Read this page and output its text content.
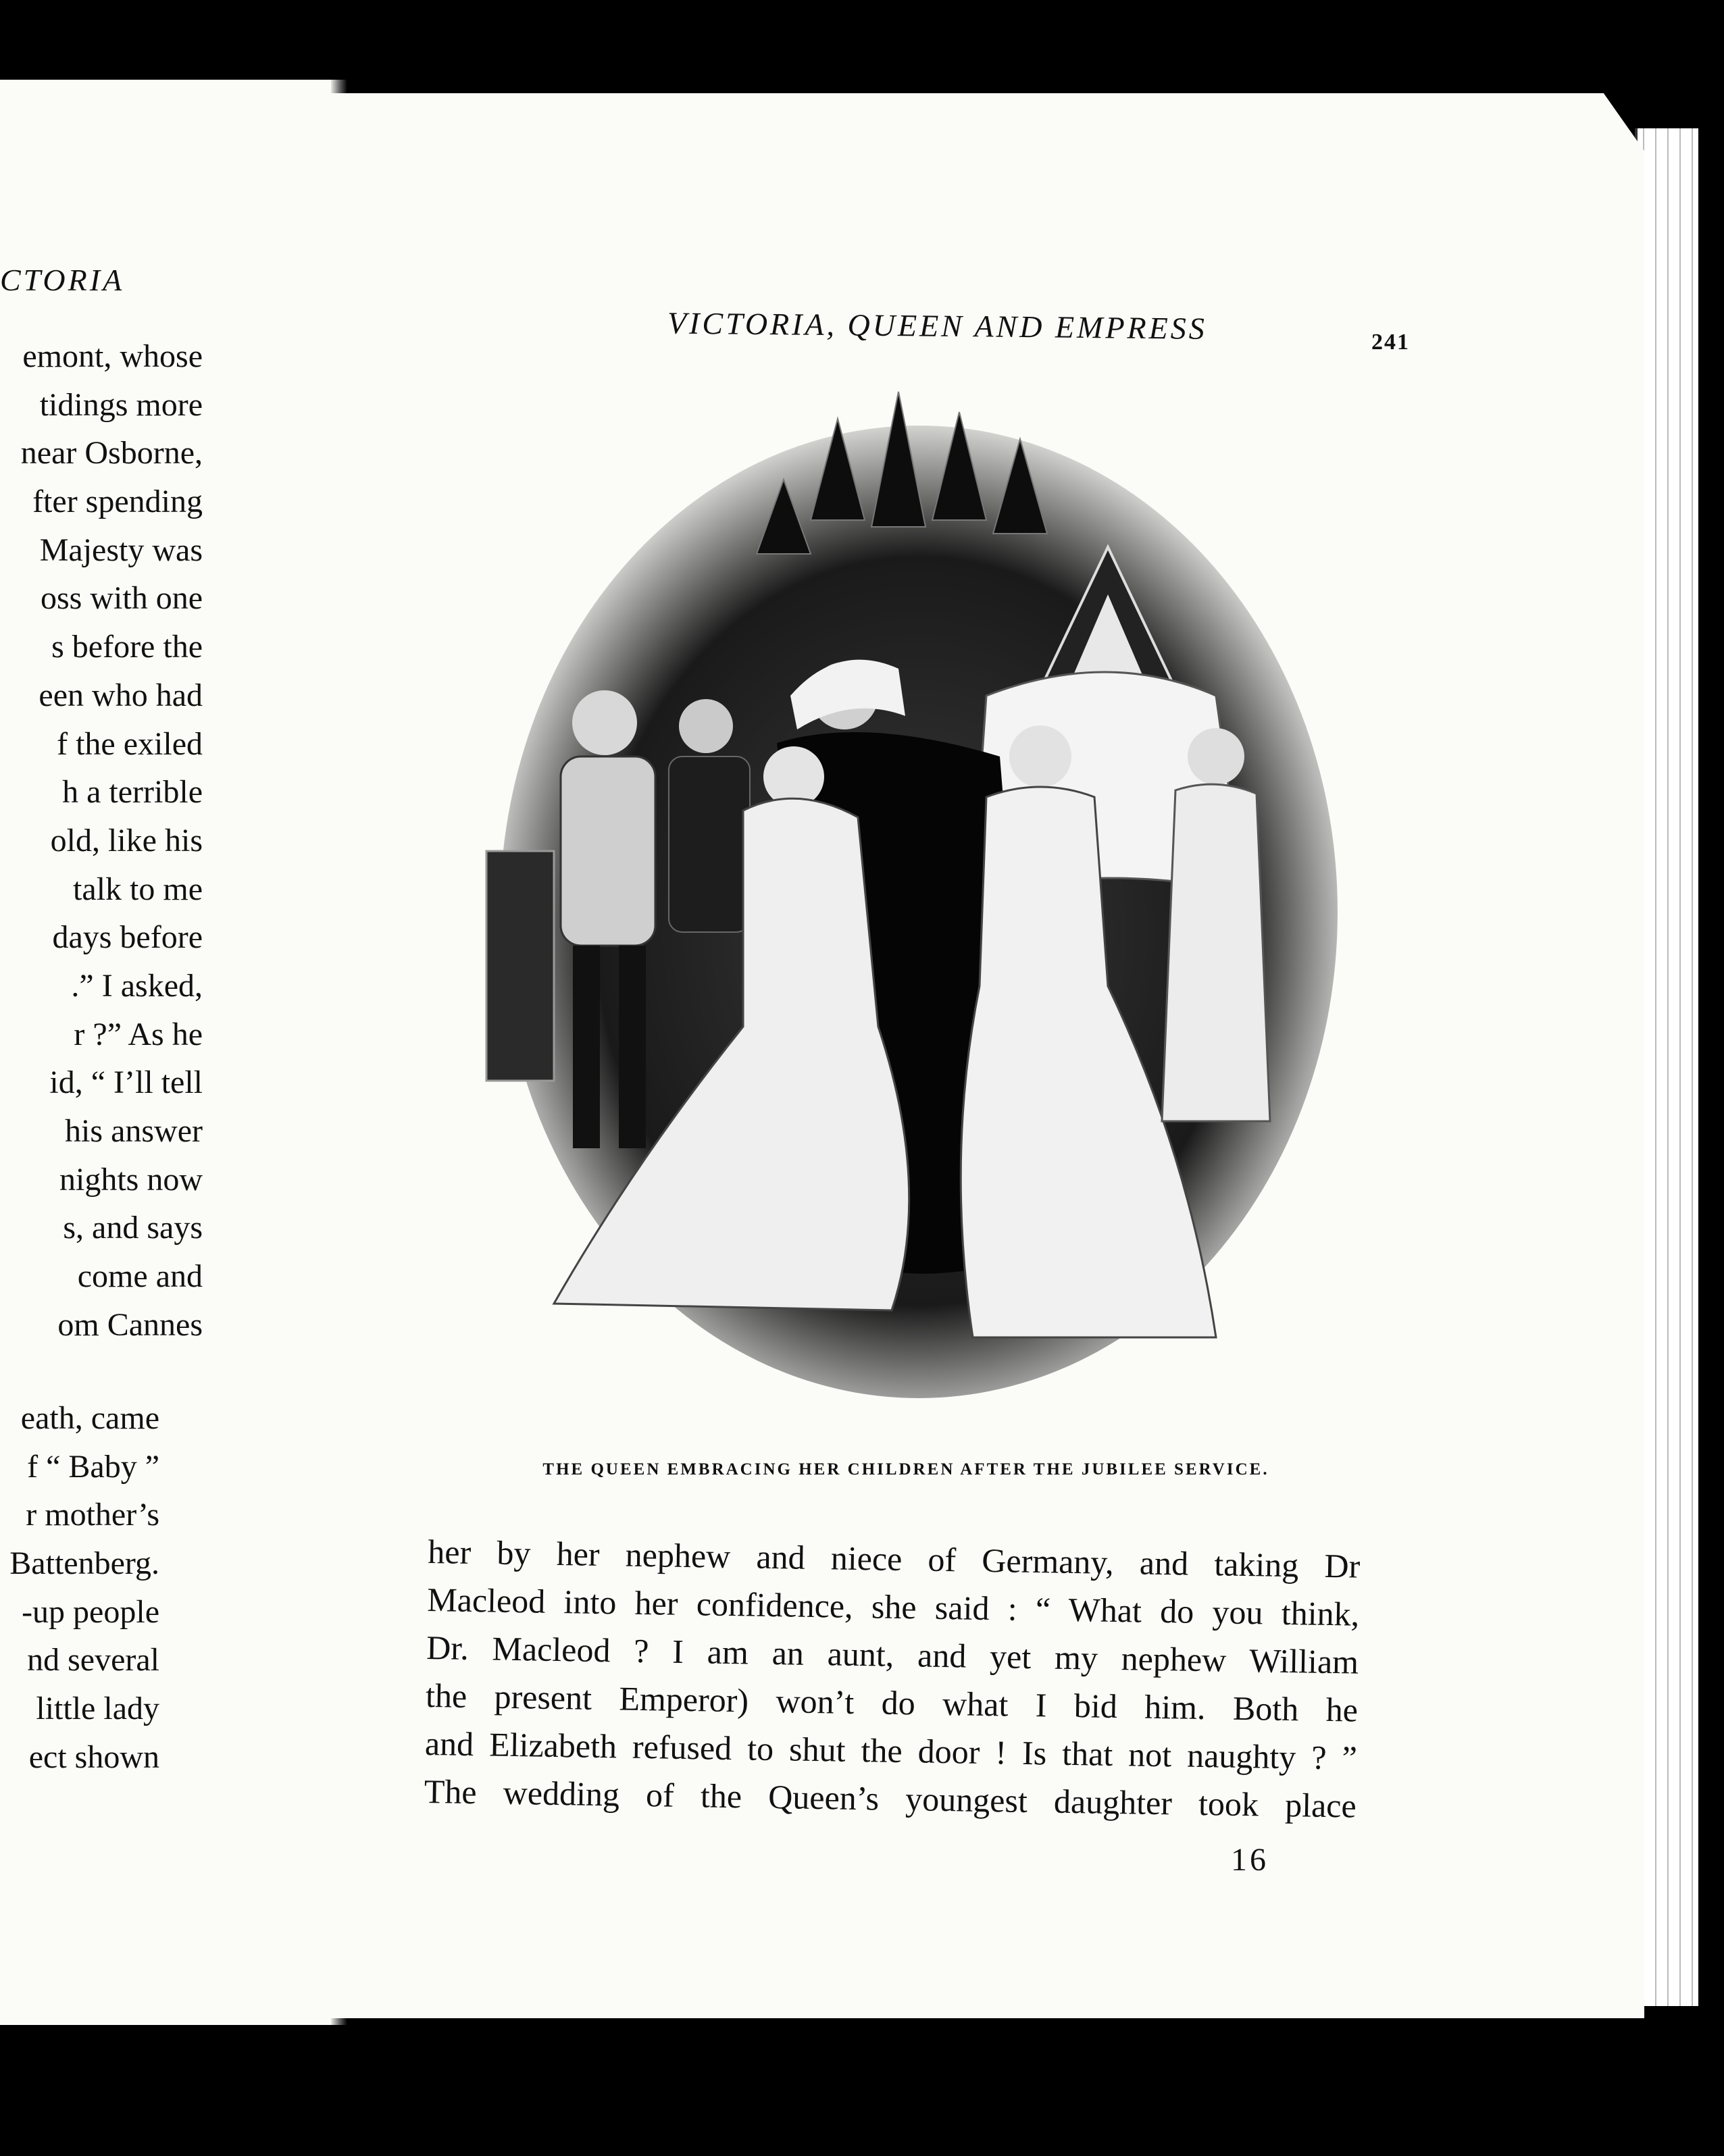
CTORIA
emont, whose
tidings more
near Osborne,
fter spending
Majesty was
oss with one
s before the
een who had
f the exiled
h a terrible
old, like his
talk to me
days before
.” I asked,
r ?” As he
id, “ I’ll tell
his answer
nights now
s, and says
come and
om Cannes
eath, came
f “ Baby ”
r mother’s
Battenberg.
-up people
nd several
little lady
ect shown
VICTORIA, QUEEN AND EMPRESS	241
THE QUEEN EMBRACING HER CHILDREN AFTER THE JUBILEE SERVICE.
her by her nephew and niece of Germany, and taking Dr
Macleod into her confidence, she said : “ What do you think,
Dr. Macleod ? I am an aunt, and yet my nephew William
the present Emperor) won’t do what I bid him. Both he
and Elizabeth refused to shut the door ! Is that not naughty ? ”
The wedding of the Queen’s youngest daughter took place
16
